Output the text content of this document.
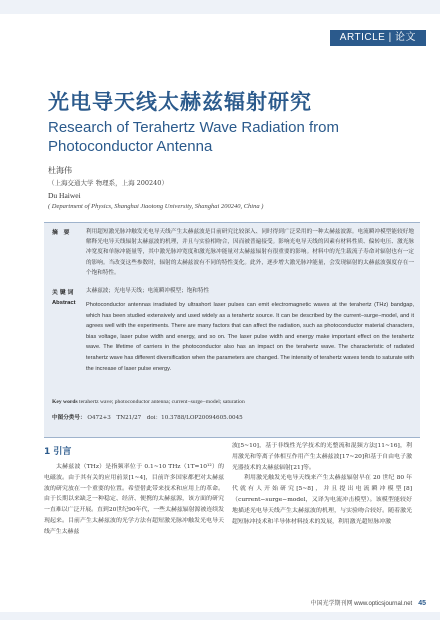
ARTICLE | 论文
光电导天线太赫兹辐射研究
Research of Terahertz Wave Radiation from Photoconductor Antenna
杜海伟
（上海交通大学 物理系，上海 200240）
Du Haiwei
( Department of Physics, Shanghai Jiaotong University, Shanghai 200240, China )
摘　要	利用超短激光脉冲触发光电导天线产生太赫兹波是目前研究比较深入、同时得到广泛采用的一种太赫兹波源。电流瞬冲模型能较好地解释光电导天线辐射太赫兹波的机理，并且与实验相吻合，因而被普遍接受。影响光电导天线的因素有材料性质、偏转电压、激光脉冲宽度和单脉冲能量等，其中激光脉冲宽度和激光脉冲能量对太赫兹辐射有很重要的影响。材料中的光生载流子寿命对辐射也有一定的影响。当改变这些参数时，辐射的太赫兹波有不同的特性变化。此外，逐步增大激光脉冲能量，会发现辐射的太赫兹波强度存在一个饱和特性。
关 键 词 太赫兹波；光电导天线；电流瞬冲模型；饱和特性
Abstract Photoconductor antennas irradiated by ultrashort laser pulses can emit electromagnetic waves at the terahertz (THz) bandgap, which has been studied extensively and used widely as a terahertz source. It can be described by the current−surge−model, and it agrees well with the experiments. There are many factors that can affect the radiation, such as photoconductor material characters, bias voltage, laser pulse width and energy, and so on. The laser pulse width and energy make important effect on the terahertz wave. The lifetime of carriers in the photoconductor also has an impact on the terahertz wave. The characteristic of radiated terahertz wave has different diversification when the parameters are changed. The intensity of terahertz waves tends to saturate with the increase of laser pulse energy.
Key words terahertz wave; photoconductor antenna; current−surge−model; saturation
中图分类号： O472+3　TN21/27　doi：10.3788/LOP20094605.0045
1 引言

太赫兹波（THz）是指频率位于 0.1~10 THz（1T=10¹²）的电磁波。由于其有关的应用前景[1~4]，目前许多国家都把对太赫兹波的研究放在一个重要的位置。希望借此带来技术和应用上的革命。由于长期以来缺乏一种稳定、经济、便携的太赫兹源，该方面的研究一直难以广泛开展。直到20世纪90年代，一些太赫兹辐射源被连续发现起来。目前产生太赫兹波的光学方法有超短激光脉冲触发光电导天线产生太赫兹

波[5~10]，基于非线性光学技术的光整流和混频方法[11~16]，利用激光和等离子体相互作用产生太赫兹波[17~20]和基于自由电子激光器技术的太赫兹辐射[21]等。

利用激光触发光电导天线来产生太赫兹辐射早在 20 世纪 80 年代就有人开始研究[5~8]，并且提出电流瞬冲模型[8]（current−surge−model，又译为电流冲击模型）。该模型能较好地描述光电导天线产生太赫兹波的机理，与实验吻合较好。随着激光超短脉冲技术和半导体材料技术的发展，利用激光超短脉冲激

中国光学期刊网 www.opticsjournal.net 45
